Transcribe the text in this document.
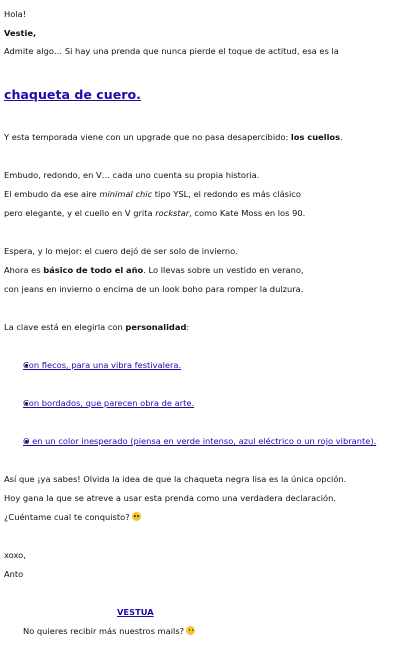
Hola!
Vestie,
Admite algo… Si hay una prenda que nunca pierde el toque de actitud, esa es la
chaqueta de cuero.
Y esta temporada viene con un upgrade que no pasa desapercibido: los cuellos.
Embudo, redondo, en V… cada uno cuenta su propia historia.
El embudo da ese aire minimal chic tipo YSL, el redondo es más clásico
pero elegante, y el cuello en V grita rockstar, como Kate Moss en los 90.
Espera, y lo mejor: el cuero dejó de ser solo de invierno.
Ahora es básico de todo el año. Lo llevas sobre un vestido en verano,
con jeans en invierno o encima de un look boho para romper la dulzura.
La clave está en elegirla con personalidad:
Con flecos, para una vibra festivalera.
Con bordados, que parecen obra de arte.
O en un color inesperado (piensa en verde intenso, azul eléctrico o un rojo vibrante).
Así que ¡ya sabes! Olvida la idea de que la chaqueta negra lisa es la única opción.
Hoy gana la que se atreve a usar esta prenda como una verdadera declaración.
¿Cuéntame cual te conquisto?
xoxo,
Anto
VESTUA
No quieres recibir más nuestros mails?
